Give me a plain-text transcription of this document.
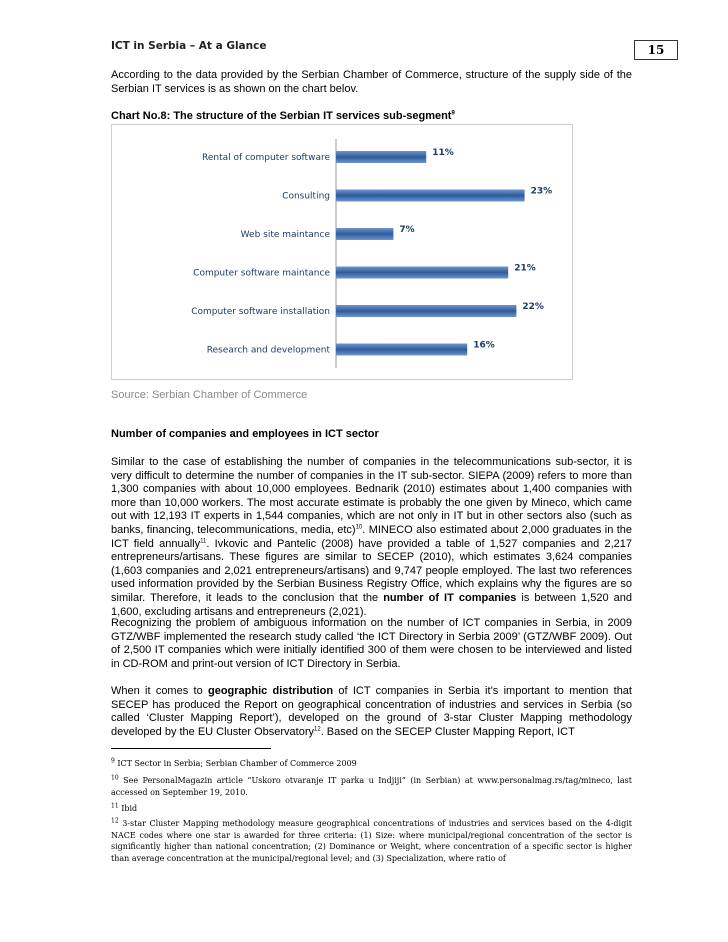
ICT in Serbia – At a Glance	15

According to the data provided by the Serbian Chamber of Commerce, structure of the supply side of the Serbian IT services is as shown on the chart belov.

Chart No.8: The structure of the Serbian IT services sub-segment$^9$
Rental of computer software	11%
Consulting	23%
Web site maintance	7%
Computer software maintance	21%
Computer software installation	22%
Research and development	16%
Source: Serbian Chamber of Commerce
Number of companies and employees in ICT sector

Similar to the case of establishing the number of companies in the telecommunications sub-sector, it is very difficult to determine the number of companies in the IT sub-sector. SIEPA (2009) refers to more than 1,300 companies with about 10,000 employees. Bednarik (2010) estimates about 1,400 companies with more than 10,000 workers. The most accurate estimate is probably the one given by Mineco, which came out with 12,193 IT experts in 1,544 companies, which are not only in IT but in other sectors also (such as banks, financing, telecommunications, media, etc)$^{10}$. MINECO also estimated about 2,000 graduates in the ICT field annually$^{11}$. Ivkovic and Pantelic (2008) have provided a table of 1,527 companies and 2,217 entrepreneurs/artisans. These figures are similar to SECEP (2010), which estimates 3,624 companies (1,603 companies and 2,021 entrepreneurs/artisans) and 9,747 people employed. The last two references used information provided by the Serbian Business Registry Office, which explains why the figures are so similar. Therefore, it leads to the conclusion that the number of IT companies is between 1,520 and 1,600, excluding artisans and entrepreneurs (2,021).

Recognizing the problem of ambiguous information on the number of ICT companies in Serbia, in 2009 GTZ/WBF implemented the research study called ‘the ICT Directory in Serbia 2009’ (GTZ/WBF 2009). Out of 2,500 IT companies which were initially identified 300 of them were chosen to be interviewed and listed in CD-ROM and print-out version of ICT Directory in Serbia.

When it comes to geographic distribution of ICT companies in Serbia it’s important to mention that SECEP has produced the Report on geographical concentration of industries and services in Serbia (so called ‘Cluster Mapping Report’), developed on the ground of 3-star Cluster Mapping methodology developed by the EU Cluster Observatory$^{12}$. Based on the SECEP Cluster Mapping Report, ICT

$^9$ ICT Sector in Serbia; Serbian Chamber of Commerce 2009

$^{10}$ See PersonalMagazin article “Uskoro otvaranje IT parka u Indjiji” (in Serbian) at www.personalmag.rs/tag/mineco, last accessed on September 19, 2010.

$^{11}$ Ibid

$^{12}$ 3-star Cluster Mapping methodology measure geographical concentrations of industries and services based on the 4-digit NACE codes where one star is awarded for three criteria: (1) Size: where municipal/regional concentration of the sector is significantly higher than national concentration; (2) Dominance or Weight, where concentration of a specific sector is higher than average concentration at the municipal/regional level; and (3) Specialization, where ratio of
